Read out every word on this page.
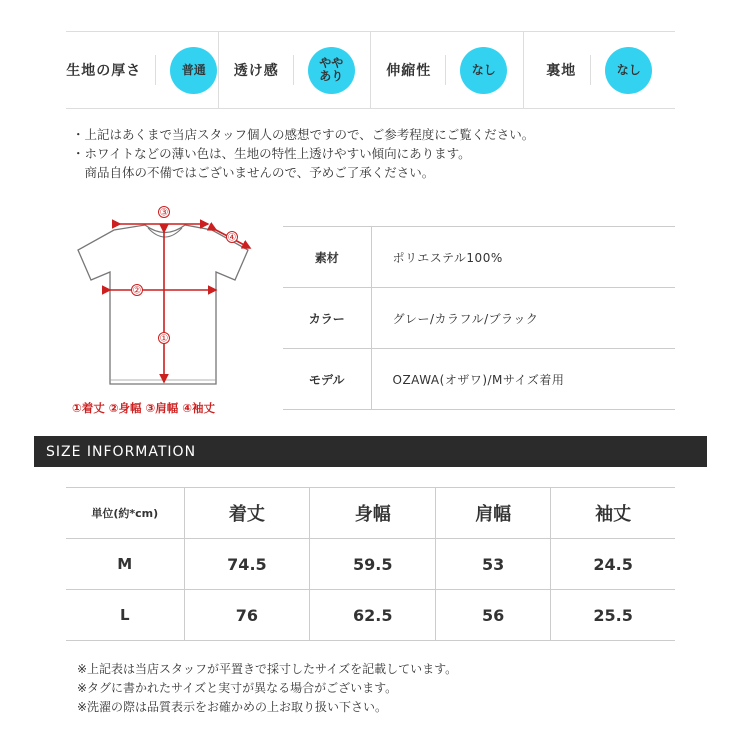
生地の厚さ	普通	透け感	やや
あり	伸縮性	なし	裏地	なし

・上記はあくまで当店スタッフ個人の感想ですので、ご参考程度にご覧ください。

・ホワイトなどの薄い色は、生地の特性上透けやすい傾向にあります。

　商品自体の不備ではございませんので、予めご了承ください。

③
④
②
①
①着丈 ②身幅 ③肩幅 ④袖丈
素材	ポリエステル100%
カラー	グレー/カラフル/ブラック
モデル	OZAWA(オザワ)/Mサイズ着用
SIZE INFORMATION
単位(約*cm)	着丈	身幅	肩幅	袖丈
M	74.5	59.5	53	24.5
L	76	62.5	56	25.5

※上記表は当店スタッフが平置きで採寸したサイズを記載しています。

※タグに書かれたサイズと実寸が異なる場合がございます。

※洗濯の際は品質表示をお確かめの上お取り扱い下さい。
